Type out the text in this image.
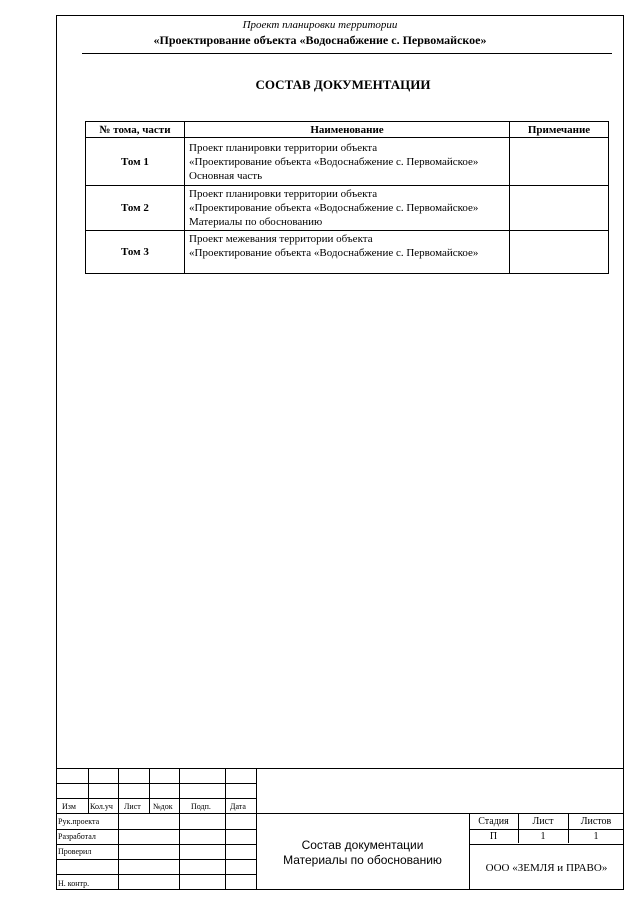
Проект планировки территории
«Проектирование объекта «Водоснабжение с. Первомайское»
СОСТАВ ДОКУМЕНТАЦИИ
№ тома, части	Наименование	Примечание
Том 1	Проект планировки территории объекта
«Проектирование объекта «Водоснабжение с. Первомайское»
Основная часть	

Том 2	Проект планировки территории объекта
«Проектирование объекта «Водоснабжение с. Первомайское»
Материалы по обоснованию	

Том 3	Проект межевания территории объекта
«Проектирование объекта «Водоснабжение с. Первомайское»	

Изм Кол.уч Лист №док Подп. Дата
Рук.проекта
Разработал
Проверил
Н. контр.
Состав документации
Материалы по обоснованию
Стадия	Лист	Листов
П	1	1
ООО «ЗЕМЛЯ и ПРАВО»
